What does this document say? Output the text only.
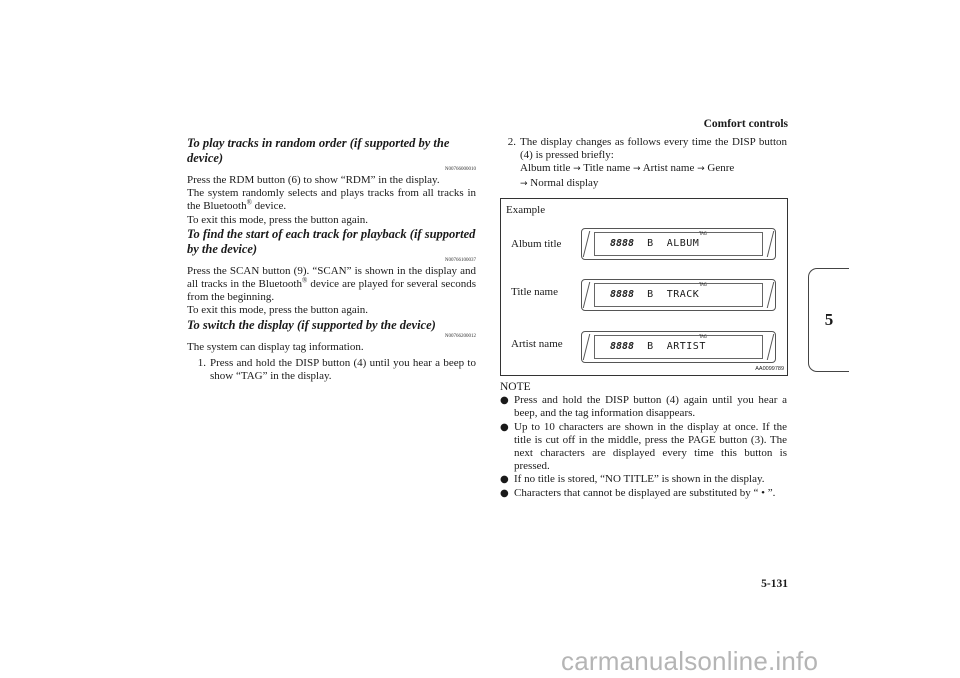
Comfort controls
5
To play tracks in random order (if supported by the device)
N00766000010

Press the RDM button (6) to show “RDM” in the display.

The system randomly selects and plays tracks from all tracks in the Bluetooth® device.

To exit this mode, press the button again.

To find the start of each track for playback (if supported by the device)
N00766100037

Press the SCAN button (9). “SCAN” is shown in the display and all tracks in the Bluetooth® device are played for several seconds from the beginning.

To exit this mode, press the button again.

To switch the display (if supported by the device)
N00766200012

The system can display tag information.

1. Press and hold the DISP button (4) until you hear a beep to show “TAG” in the display.
2. The display changes as follows every time the DISP button (4) is pressed briefly:
Album title → Title name → Artist name → Genre
→ Normal display
Example
Album title
TAG
8888 B ALBUM
Title name
TAG
8888 B TRACK
Artist name
TAG
8888 B ARTIST
AA0099789
NOTE
● Press and hold the DISP button (4) again until you hear a beep, and the tag information disappears.
● Up to 10 characters are shown in the display at once. If the title is cut off in the middle, press the PAGE button (3). The next characters are displayed every time this button is pressed.
● If no title is stored, “NO TITLE” is shown in the display.
● Characters that cannot be displayed are substituted by “ • ”.
5-131
carmanualsonline.info
